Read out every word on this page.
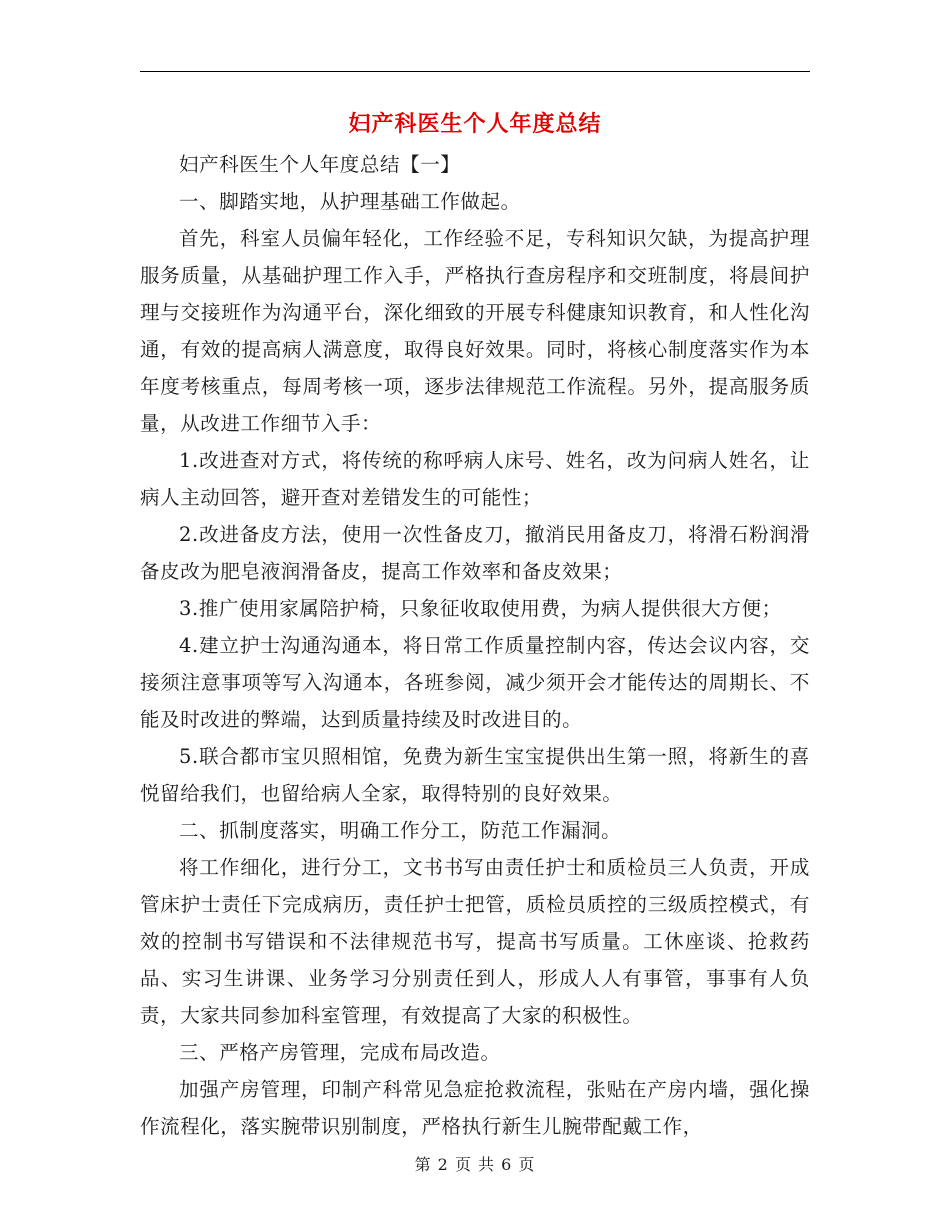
妇产科医生个人年度总结

妇产科医生个人年度总结【一】

一、脚踏实地，从护理基础工作做起。

首先，科室人员偏年轻化，工作经验不足，专科知识欠缺，为提高护理服务质量，从基础护理工作入手，严格执行查房程序和交班制度，将晨间护理与交接班作为沟通平台，深化细致的开展专科健康知识教育，和人性化沟通，有效的提高病人满意度，取得良好效果。同时，将核心制度落实作为本年度考核重点，每周考核一项，逐步法律规范工作流程。另外，提高服务质量，从改进工作细节入手：

1.改进查对方式，将传统的称呼病人床号、姓名，改为问病人姓名，让病人主动回答，避开查对差错发生的可能性；

2.改进备皮方法，使用一次性备皮刀，撤消民用备皮刀，将滑石粉润滑备皮改为肥皂液润滑备皮，提高工作效率和备皮效果；

3.推广使用家属陪护椅，只象征收取使用费，为病人提供很大方便；

4.建立护士沟通沟通本，将日常工作质量控制内容，传达会议内容，交接须注意事项等写入沟通本，各班参阅，减少须开会才能传达的周期长、不能及时改进的弊端，达到质量持续及时改进目的。

5.联合都市宝贝照相馆，免费为新生宝宝提供出生第一照，将新生的喜悦留给我们，也留给病人全家，取得特别的良好效果。

二、抓制度落实，明确工作分工，防范工作漏洞。

将工作细化，进行分工，文书书写由责任护士和质检员三人负责，开成管床护士责任下完成病历，责任护士把管，质检员质控的三级质控模式，有效的控制书写错误和不法律规范书写，提高书写质量。工休座谈、抢救药品、实习生讲课、业务学习分别责任到人，形成人人有事管，事事有人负责，大家共同参加科室管理，有效提高了大家的积极性。

三、严格产房管理，完成布局改造。

加强产房管理，印制产科常见急症抢救流程，张贴在产房内墙，强化操作流程化，落实腕带识别制度，严格执行新生儿腕带配戴工作，

第 2 页 共 6 页
